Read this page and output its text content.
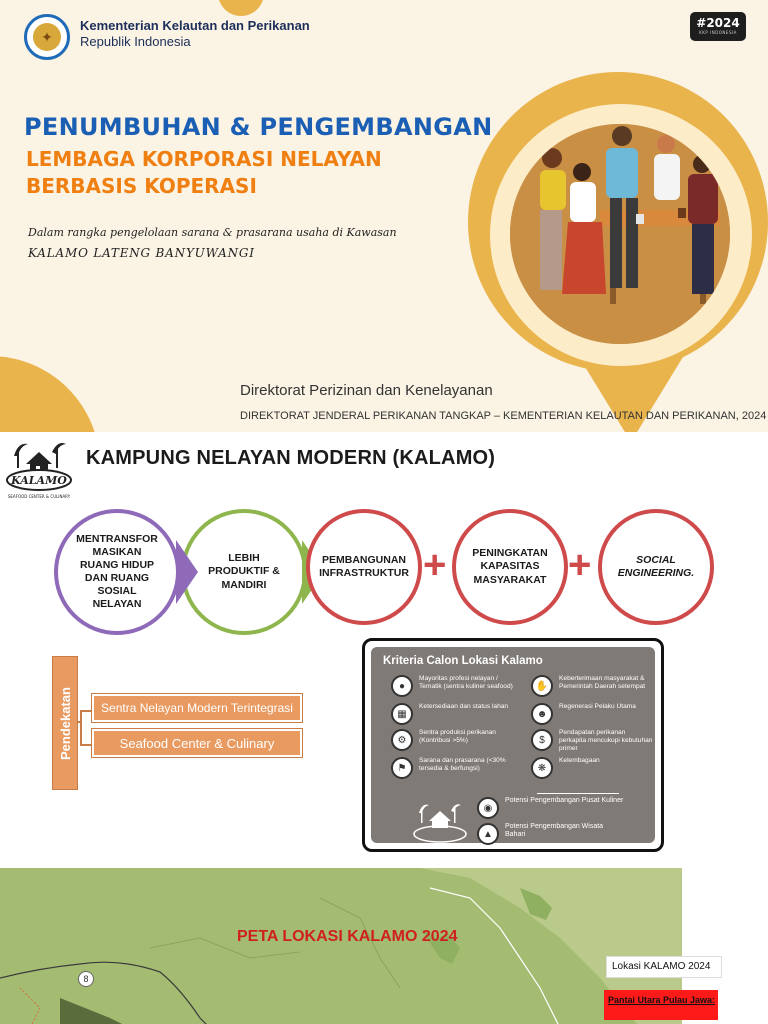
✦
Kementerian Kelautan dan Perikanan
Republik Indonesia
#2024
KKP INDONESIA
PENUMBUHAN & PENGEMBANGAN
LEMBAGA KORPORASI NELAYAN
BERBASIS KOPERASI
Dalam rangka pengelolaan sarana & prasarana usaha di Kawasan
KALAMO LATENG BANYUWANGI
Direktorat Perizinan dan Kenelayanan
DIREKTORAT JENDERAL PERIKANAN TANGKAP – KEMENTERIAN KELAUTAN DAN PERIKANAN, 2024
KALAMO
SEAFOOD CENTER & CULINARY
KAMPUNG NELAYAN MODERN (KALAMO)
MENTRANSFOR MASIKAN RUANG HIDUP DAN RUANG SOSIAL NELAYAN
LEBIH PRODUKTIF & MANDIRI
PEMBANGUNAN INFRASTRUKTUR +	PENINGKATAN KAPASITAS MASYARAKAT +	SOCIAL ENGINEERING.
Pendekatan	Sentra Nelayan Modern Terintegrasi
Seafood Center & Culinary
Kriteria Calon Lokasi Kalamo
●
Mayoritas profesi nelayan / Tematik (sentra kuliner seafood)
▦
Ketersediaan dan status lahan
⚙
Sentra produksi perikanan (Kontribusi >5%)
⚑
Sarana dan prasarana (<30% tersedia & berfungsi)
✋
Keberterimaan masyarakat & Pemerintah Daerah setempat
☻
Regenerasi Pelaku Utama
$
Pendapatan perikanan perkapita mencukupi kebutuhan primer
❋
Kelembagaan
◉
Potensi Pengembangan Pusat Kuliner
▲
Potensi Pengembangan Wisata Bahari
PETA LOKASI KALAMO 2024
8
Lokasi KALAMO 2024
Pantai Utara Pulau Jawa:
